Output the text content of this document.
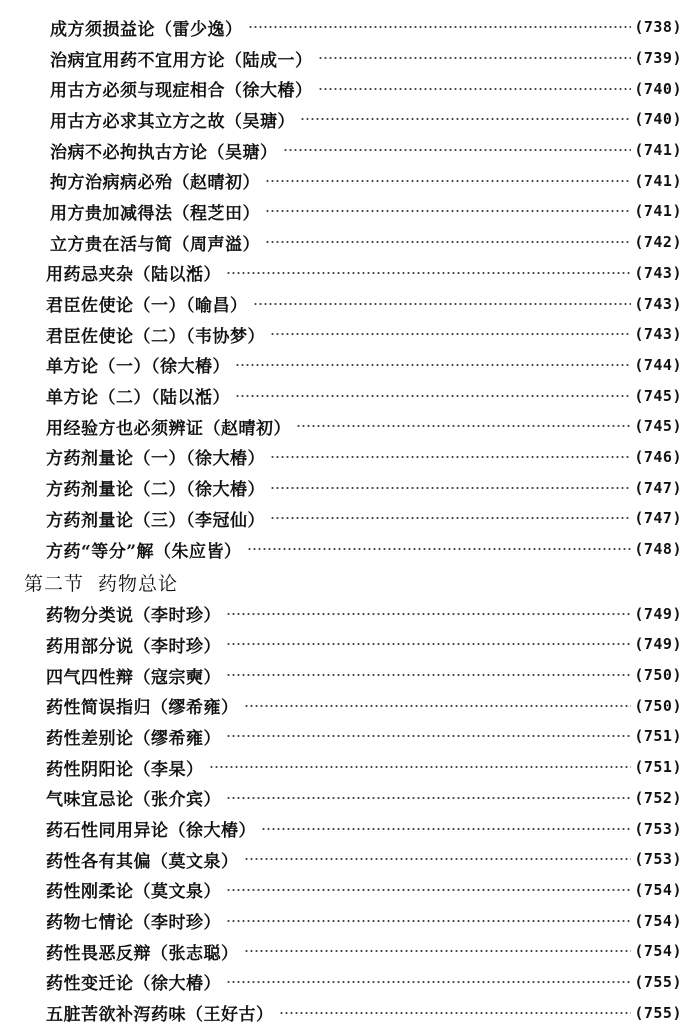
成方须损益论（雷少逸）	(738)
治病宜用药不宜用方论（陆成一）	(739)
用古方必须与现症相合（徐大椿）	(740)
用古方必求其立方之故（吴瑭）	(740)
治病不必拘执古方论（吴瑭）	(741)
拘方治病病必殆（赵晴初）	(741)
用方贵加减得法（程芝田）	(741)
立方贵在活与简（周声溢）	(742)
用药忌夹杂（陆以湉）	(743)
君臣佐使论（一）（喻昌）	(743)
君臣佐使论（二）（韦协梦）	(743)
单方论（一）（徐大椿）	(744)
单方论（二）（陆以湉）	(745)
用经验方也必须辨证（赵晴初）	(745)
方药剂量论（一）（徐大椿）	(746)
方药剂量论（二）（徐大椿）	(747)
方药剂量论（三）（李冠仙）	(747)
方药“等分”解（朱应皆）	(748)
第二节 药物总论
药物分类说（李时珍）	(749)
药用部分说（李时珍）	(749)
四气四性辩（寇宗奭）	(750)
药性简误指归（缪希雍）	(750)
药性差别论（缪希雍）	(751)
药性阴阳论（李杲）	(751)
气味宜忌论（张介宾）	(752)
药石性同用异论（徐大椿）	(753)
药性各有其偏（莫文泉）	(753)
药性刚柔论（莫文泉）	(754)
药物七情论（李时珍）	(754)
药性畏恶反辩（张志聪）	(754)
药性变迁论（徐大椿）	(755)
五脏苦欲补泻药味（王好古）	(755)
